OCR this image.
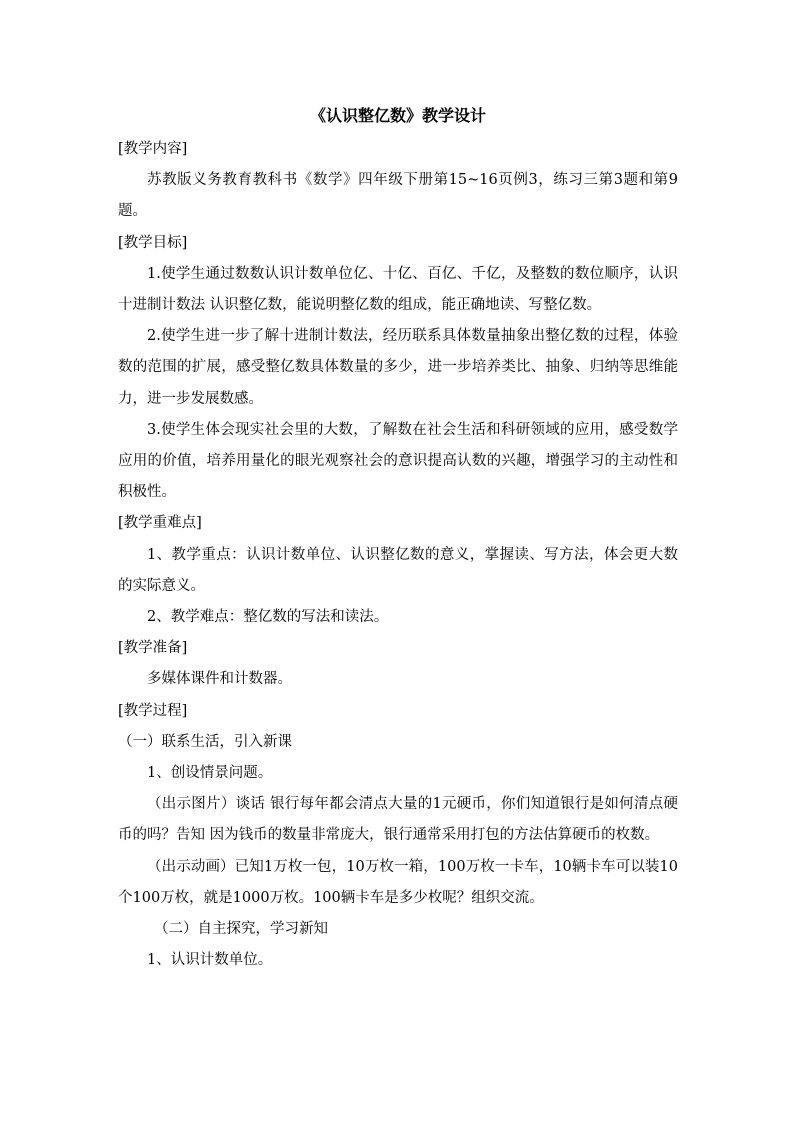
《认识整亿数》教学设计

[教学内容]

苏教版义务教育教科书《数学》四年级下册第15~16页例3，练习三第3题和第9题。

[教学目标]

1.使学生通过数数认识计数单位亿、十亿、百亿、千亿，及整数的数位顺序，认识十进制计数法 认识整亿数，能说明整亿数的组成，能正确地读、写整亿数。

2.使学生进一步了解十进制计数法，经历联系具体数量抽象出整亿数的过程，体验数的范围的扩展，感受整亿数具体数量的多少，进一步培养类比、抽象、归纳等思维能力，进一步发展数感。

3.使学生体会现实社会里的大数，了解数在社会生活和科研领域的应用，感受数学应用的价值，培养用量化的眼光观察社会的意识提高认数的兴趣，增强学习的主动性和积极性。

[教学重难点]

1、教学重点：认识计数单位、认识整亿数的意义，掌握读、写方法，体会更大数的实际意义。

2、教学难点：整亿数的写法和读法。

[教学准备]

多媒体课件和计数器。

[教学过程]

（一）联系生活，引入新课

1、创设情景问题。

（出示图片）谈话 银行每年都会清点大量的1元硬币，你们知道银行是如何清点硬币的吗？告知 因为钱币的数量非常庞大，银行通常采用打包的方法估算硬币的枚数。

（出示动画）已知1万枚一包，10万枚一箱，100万枚一卡车，10辆卡车可以装10个100万枚，就是1000万枚。100辆卡车是多少枚呢？组织交流。

（二）自主探究，学习新知

1、认识计数单位。
